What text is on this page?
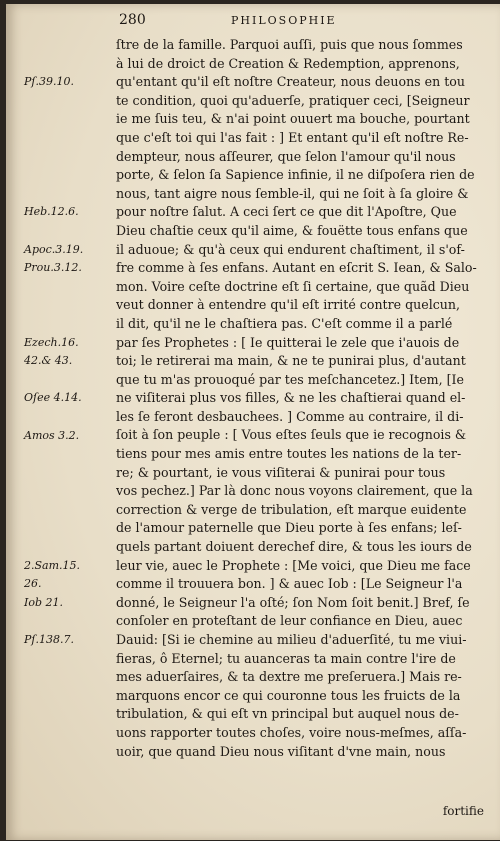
280	PHILOSOPHIE
Pſ.39.10.
Heb.12.6.
Apoc.3.19.
Prou.3.12.
Ezech.16.
42.& 43.
Oſee 4.14.
Amos 3.2.
2.Sam.15.
26.
Iob 21.
Pſ.138.7.
ſtre de la famille. Parquoi auſſi, puis que nous ſommes
à lui de droict de Creation & Redemption, apprenons,
qu'entant qu'il eſt noſtre Createur, nous deuons en tou
te condition, quoi qu'aduerſe, pratiquer ceci, [Seigneur
ie me ſuis teu, & n'ai point ouuert ma bouche, pourtant
que c'eſt toi qui l'as fait : ] Et entant qu'il eſt noſtre Re-
dempteur, nous aſſeurer, que ſelon l'amour qu'il nous
porte, & ſelon ſa Sapience infinie, il ne diſpoſera rien de
nous, tant aigre nous ſemble-il, qui ne ſoit à ſa gloire &
pour noſtre ſalut. A ceci ſert ce que dit l'Apoſtre, Que
Dieu chaſtie ceux qu'il aime, & fouëtte tous enfans que
il aduoue; & qu'à ceux qui endurent chaſtiment, il s'of-
fre comme à ſes enfans. Autant en eſcrit S. Iean, & Salo-
mon. Voire ceſte doctrine eſt ſi certaine, que quãd Dieu
veut donner à entendre qu'il eſt irrité contre quelcun,
il dit, qu'il ne le chaſtiera pas. C'eſt comme il a parlé
par ſes Prophetes : [ Ie quitterai le zele que i'auois de
toi; le retirerai ma main, & ne te punirai plus, d'autant
que tu m'as prouoqué par tes meſchancetez.] Item, [Ie
ne viſiterai plus vos filles, & ne les chaſtierai quand el-
les ſe feront desbauchees. ] Comme au contraire, il di-
ſoit à ſon peuple : [ Vous eſtes ſeuls que ie recognois &
tiens pour mes amis entre toutes les nations de la ter-
re; & pourtant, ie vous viſiterai & punirai pour tous
vos pechez.] Par là donc nous voyons clairement, que la
correction & verge de tribulation, eſt marque euidente
de l'amour paternelle que Dieu porte à ſes enfans; leſ-
quels partant doiuent derechef dire, & tous les iours de
leur vie, auec le Prophete : [Me voici, que Dieu me face
comme il trouuera bon. ] & auec Iob : [Le Seigneur l'a
donné, le Seigneur l'a oſté; ſon Nom ſoit benit.] Bref, ſe
conſoler en proteſtant de leur confiance en Dieu, auec
Dauid: [Si ie chemine au milieu d'aduerſité, tu me viui-
fieras, ô Eternel; tu auanceras ta main contre l'ire de
mes aduerſaires, & ta dextre me preſeruera.] Mais re-
marquons encor ce qui couronne tous les fruicts de la
tribulation, & qui eſt vn principal but auquel nous de-
uons rapporter toutes choſes, voire nous-meſmes, aſſa-
uoir, que quand Dieu nous viſitant d'vne main, nous
fortifie
